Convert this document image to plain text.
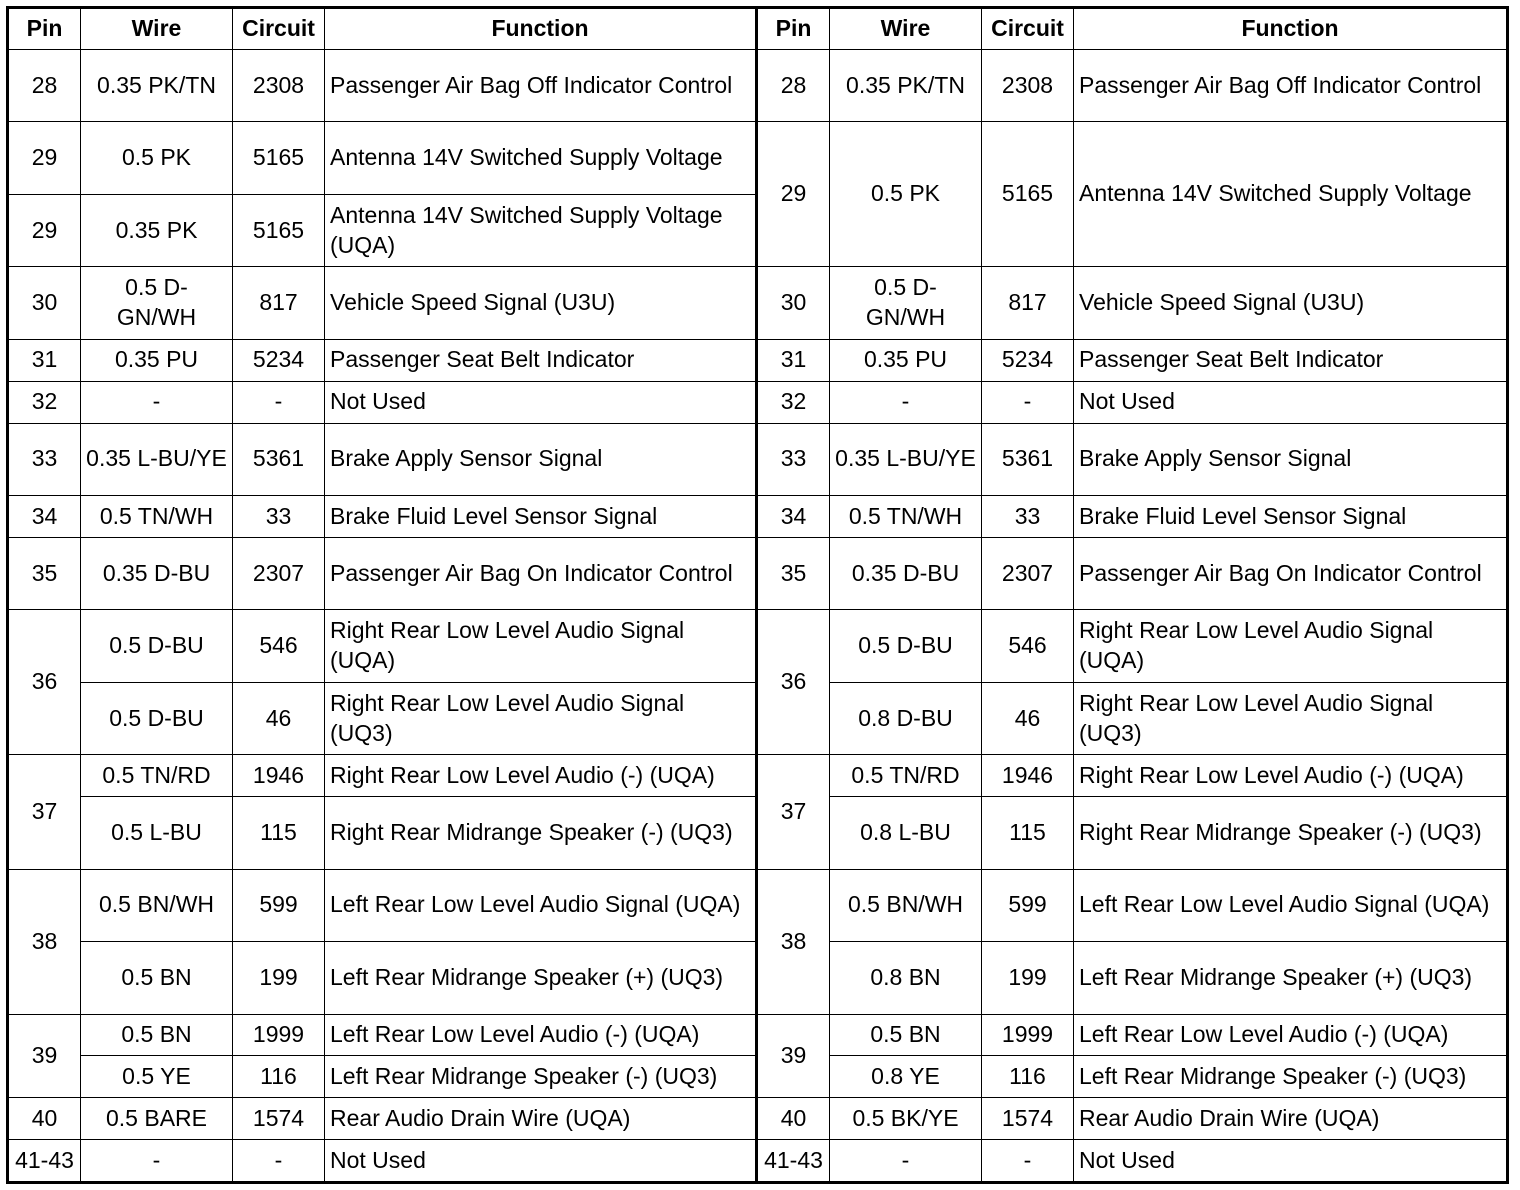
Pin	Wire	Circuit	Function	Pin	Wire	Circuit	Function
28	0.35 PK/TN	2308	Passenger Air Bag Off Indicator Control	28	0.35 PK/TN	2308	Passenger Air Bag Off Indicator Control
29	0.5 PK	5165	Antenna 14V Switched Supply Voltage	29	0.5 PK	5165	Antenna 14V Switched Supply Voltage
29	0.35 PK	5165	Antenna 14V Switched Supply Voltage (UQA)				
30	0.5 D-GN/WH	817	Vehicle Speed Signal (U3U)	30	0.5 D-GN/WH	817	Vehicle Speed Signal (U3U)
31	0.35 PU	5234	Passenger Seat Belt Indicator	31	0.35 PU	5234	Passenger Seat Belt Indicator
32	-	-	Not Used	32	-	-	Not Used
33	0.35 L-BU/YE	5361	Brake Apply Sensor Signal	33	0.35 L-BU/YE	5361	Brake Apply Sensor Signal
34	0.5 TN/WH	33	Brake Fluid Level Sensor Signal	34	0.5 TN/WH	33	Brake Fluid Level Sensor Signal
35	0.35 D-BU	2307	Passenger Air Bag On Indicator Control	35	0.35 D-BU	2307	Passenger Air Bag On Indicator Control
36	0.5 D-BU	546	Right Rear Low Level Audio Signal (UQA)	36	0.5 D-BU	546	Right Rear Low Level Audio Signal (UQA)
	0.5 D-BU	46	Right Rear Low Level Audio Signal (UQ3)		0.8 D-BU	46	Right Rear Low Level Audio Signal (UQ3)
37	0.5 TN/RD	1946	Right Rear Low Level Audio (-) (UQA)	37	0.5 TN/RD	1946	Right Rear Low Level Audio (-) (UQA)
	0.5 L-BU	115	Right Rear Midrange Speaker (-) (UQ3)		0.8 L-BU	115	Right Rear Midrange Speaker (-) (UQ3)
38	0.5 BN/WH	599	Left Rear Low Level Audio Signal (UQA)	38	0.5 BN/WH	599	Left Rear Low Level Audio Signal (UQA)
	0.5 BN	199	Left Rear Midrange Speaker (+) (UQ3)		0.8 BN	199	Left Rear Midrange Speaker (+) (UQ3)
39	0.5 BN	1999	Left Rear Low Level Audio (-) (UQA)	39	0.5 BN	1999	Left Rear Low Level Audio (-) (UQA)
	0.5 YE	116	Left Rear Midrange Speaker (-) (UQ3)		0.8 YE	116	Left Rear Midrange Speaker (-) (UQ3)
40	0.5 BARE	1574	Rear Audio Drain Wire (UQA)	40	0.5 BK/YE	1574	Rear Audio Drain Wire (UQA)
41-43	-	-	Not Used	41-43	-	-	Not Used
